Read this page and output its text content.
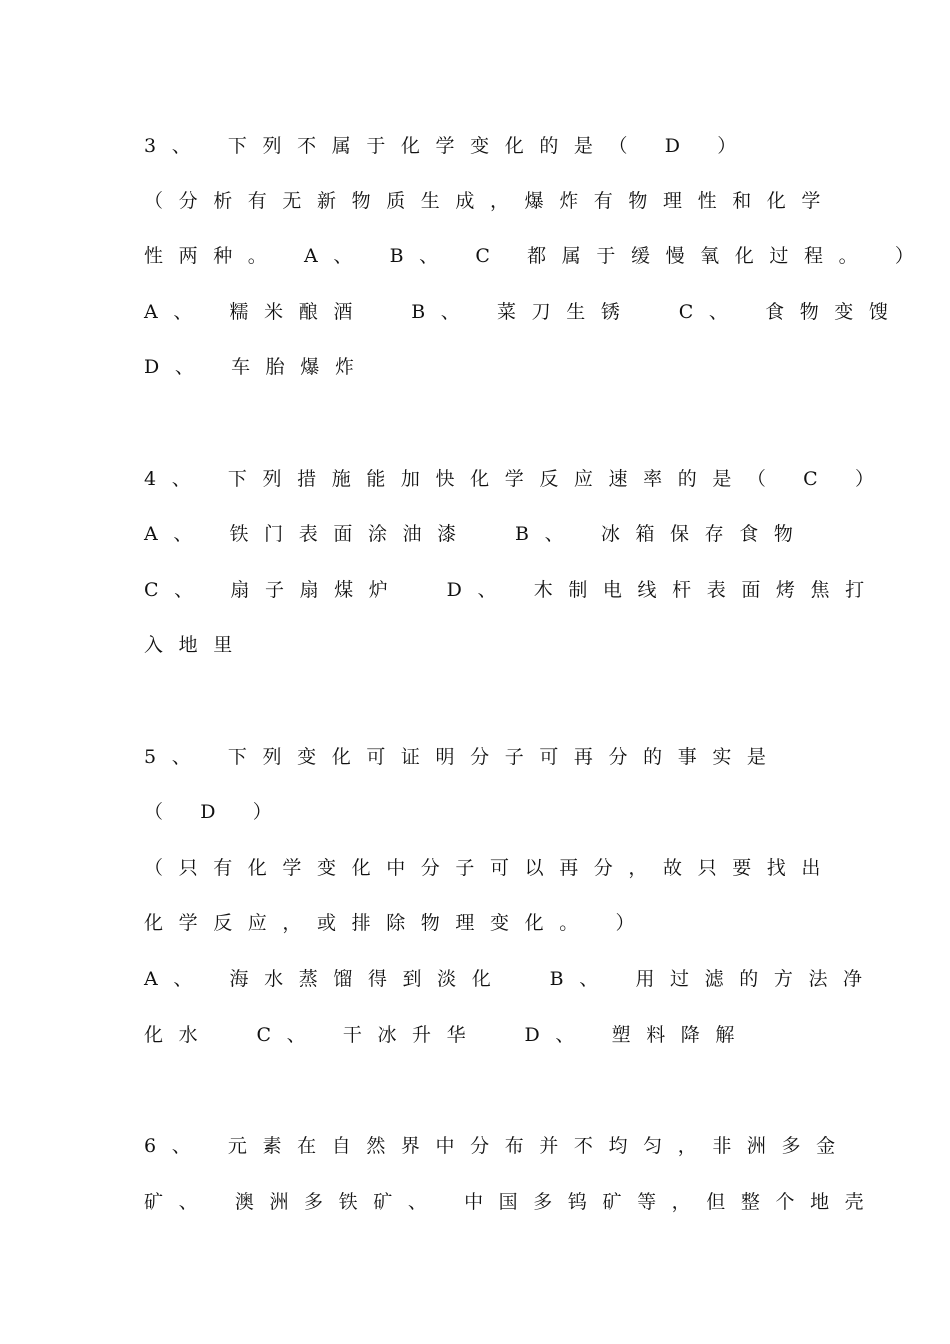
3、 下列不属于化学变化的是（ D ）
（分析有无新物质生成，爆炸有物理性和化学
性两种。 A、 B、 C 都属于缓慢氧化过程。 ）
A、 糯米酿酒  B、 菜刀生锈  C、 食物变馊
D、 车胎爆炸
4、 下列措施能加快化学反应速率的是（ C ）
A、 铁门表面涂油漆  B、 冰箱保存食物
C、 扇子扇煤炉  D、 木制电线杆表面烤焦打
入地里
5、 下列变化可证明分子可再分的事实是
（ D ）
（只有化学变化中分子可以再分，故只要找出
化学反应，或排除物理变化。 ）
A、 海水蒸馏得到淡化  B、 用过滤的方法净
化水  C、 干冰升华  D、 塑料降解
6、 元素在自然界中分布并不均匀，非洲多金
矿、 澳洲多铁矿、 中国多钨矿等，但整个地壳
